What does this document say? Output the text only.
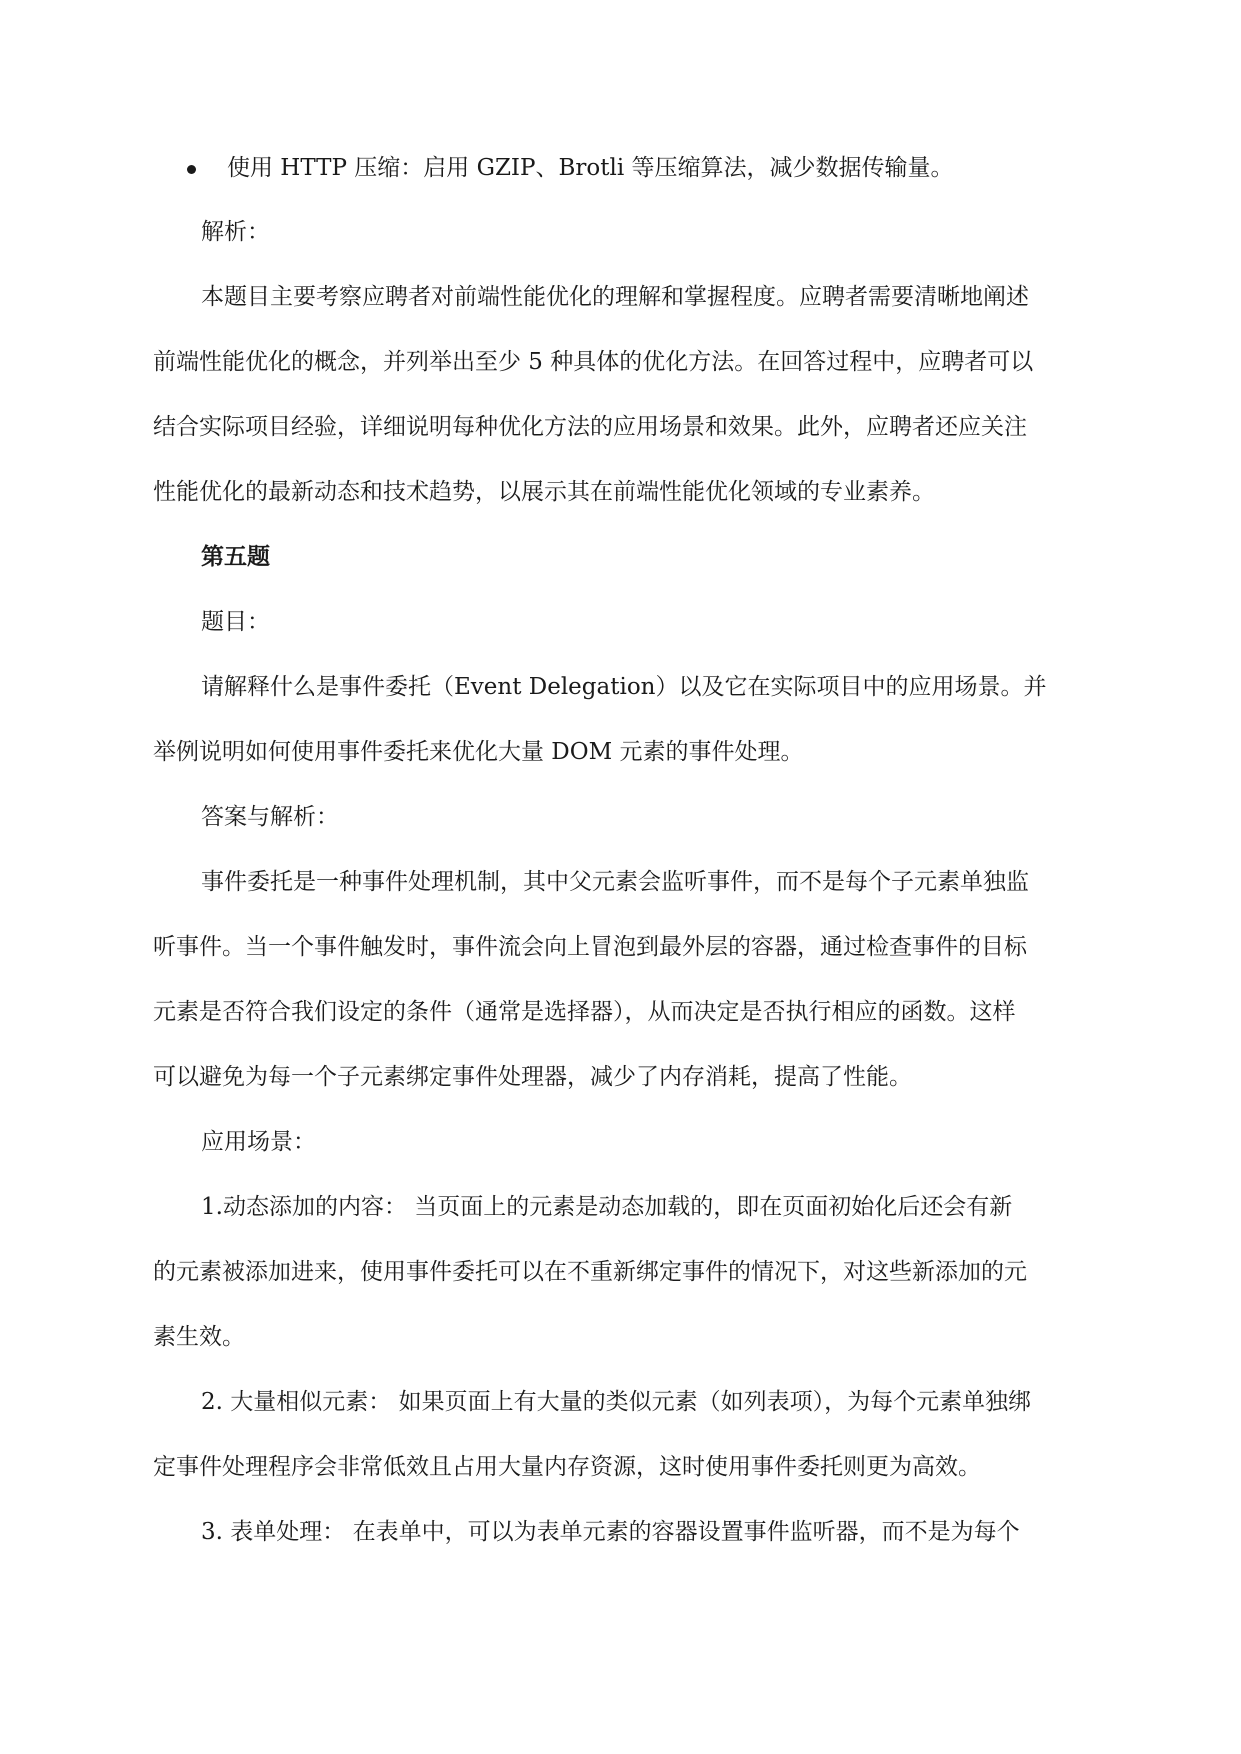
使用 HTTP 压缩：启用 GZIP、Brotli 等压缩算法，减少数据传输量。
解析：
本题目主要考察应聘者对前端性能优化的理解和掌握程度。应聘者需要清晰地阐述
前端性能优化的概念，并列举出至少 5 种具体的优化方法。在回答过程中，应聘者可以
结合实际项目经验，详细说明每种优化方法的应用场景和效果。此外，应聘者还应关注
性能优化的最新动态和技术趋势，以展示其在前端性能优化领域的专业素养。
第五题
题目：
请解释什么是事件委托（Event Delegation）以及它在实际项目中的应用场景。并
举例说明如何使用事件委托来优化大量 DOM 元素的事件处理。
答案与解析：
事件委托是一种事件处理机制，其中父元素会监听事件，而不是每个子元素单独监
听事件。当一个事件触发时，事件流会向上冒泡到最外层的容器，通过检查事件的目标
元素是否符合我们设定的条件（通常是选择器），从而决定是否执行相应的函数。这样
可以避免为每一个子元素绑定事件处理器，减少了内存消耗，提高了性能。
应用场景：
1.动态添加的内容： 当页面上的元素是动态加载的，即在页面初始化后还会有新
的元素被添加进来，使用事件委托可以在不重新绑定事件的情况下，对这些新添加的元
素生效。
2. 大量相似元素： 如果页面上有大量的类似元素（如列表项），为每个元素单独绑
定事件处理程序会非常低效且占用大量内存资源，这时使用事件委托则更为高效。
3. 表单处理： 在表单中，可以为表单元素的容器设置事件监听器，而不是为每个
